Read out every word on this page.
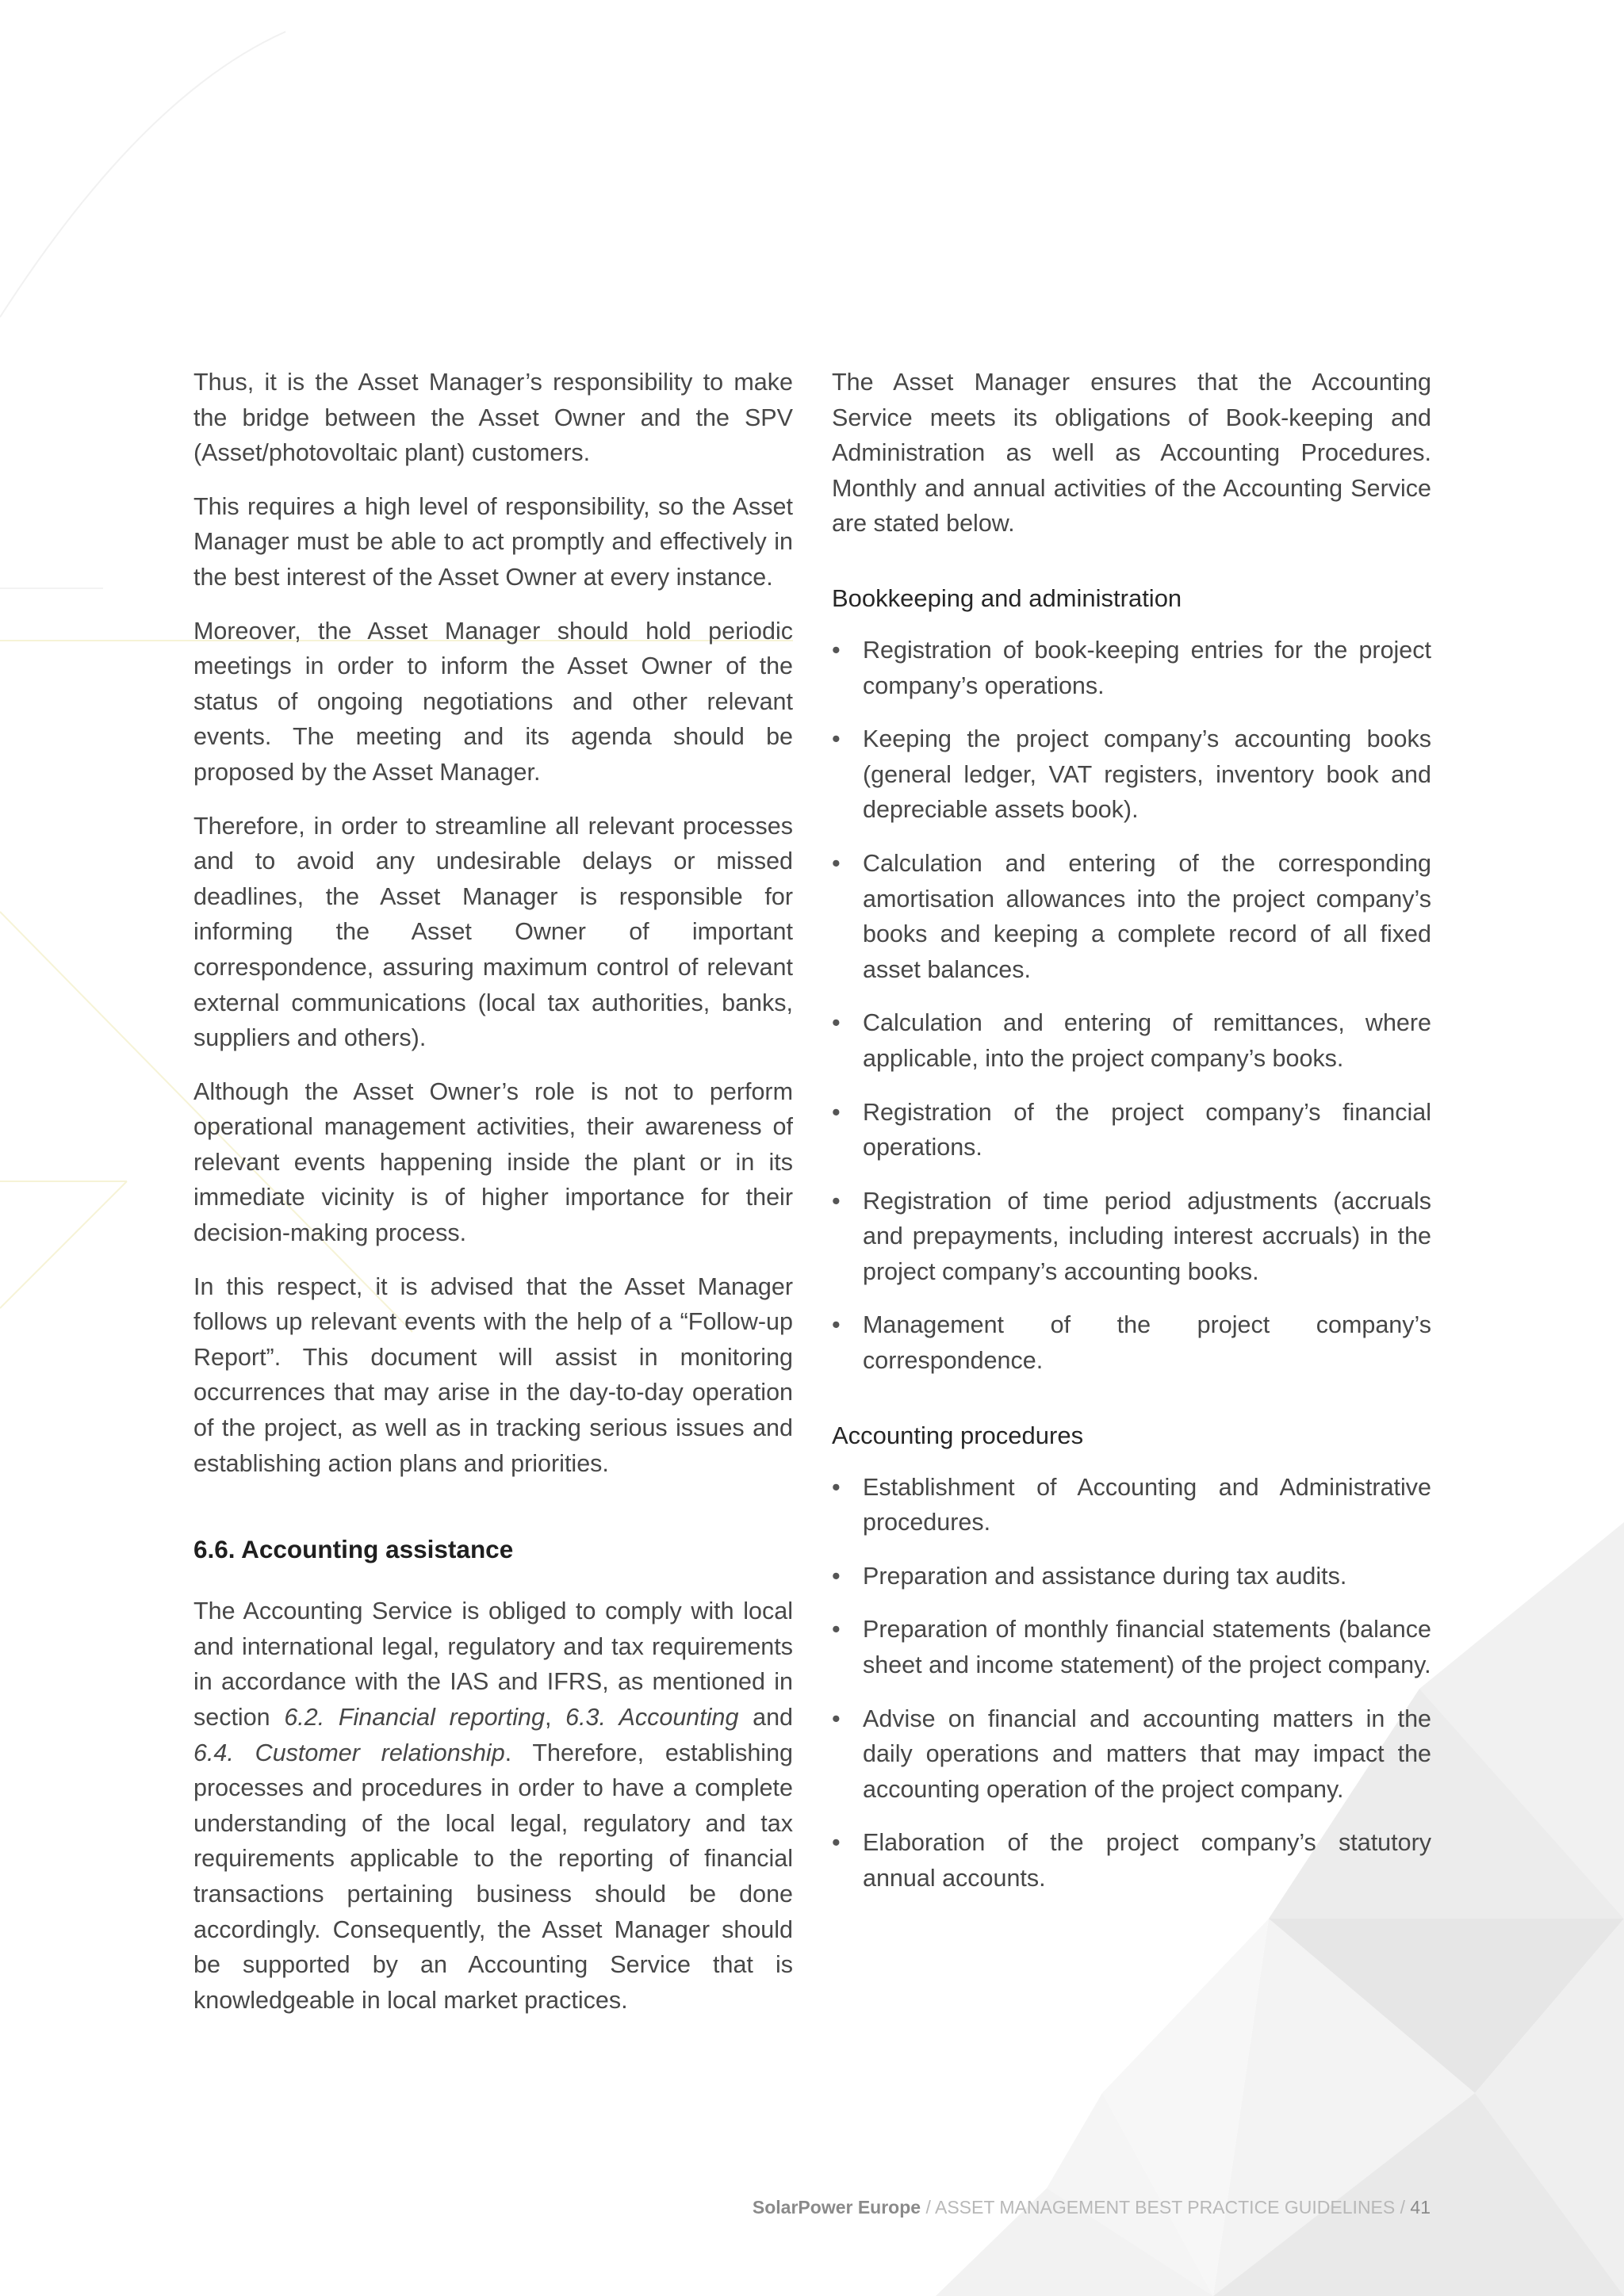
Thus, it is the Asset Manager’s responsibility to make the bridge between the Asset Owner and the SPV (Asset/photovoltaic plant) customers.

This requires a high level of responsibility, so the Asset Manager must be able to act promptly and effectively in the best interest of the Asset Owner at every instance.

Moreover, the Asset Manager should hold periodic meetings in order to inform the Asset Owner of the status of ongoing negotiations and other relevant events. The meeting and its agenda should be proposed by the Asset Manager.

Therefore, in order to streamline all relevant processes and to avoid any undesirable delays or missed deadlines, the Asset Manager is responsible for informing the Asset Owner of important correspondence, assuring maximum control of relevant external communications (local tax authorities, banks, suppliers and others).

Although the Asset Owner’s role is not to perform operational management activities, their awareness of relevant events happening inside the plant or in its immediate vicinity is of higher importance for their decision-making process.

In this respect, it is advised that the Asset Manager follows up relevant events with the help of a “Follow-up Report”. This document will assist in monitoring occurrences that may arise in the day-to-day operation of the project, as well as in tracking serious issues and establishing action plans and priorities.

6.6. Accounting assistance

The Accounting Service is obliged to comply with local and international legal, regulatory and tax requirements in accordance with the IAS and IFRS, as mentioned in section 6.2. Financial reporting, 6.3. Accounting and 6.4. Customer relationship. Therefore, establishing processes and procedures in order to have a complete understanding of the local legal, regulatory and tax requirements applicable to the reporting of financial transactions pertaining business should be done accordingly. Consequently, the Asset Manager should be supported by an Accounting Service that is knowledgeable in local market practices.

The Asset Manager ensures that the Accounting Service meets its obligations of Book-keeping and Administration as well as Accounting Procedures. Monthly and annual activities of the Accounting Service are stated below.

Bookkeeping and administration
• Registration of book-keeping entries for the project company’s operations.
• Keeping the project company’s accounting books (general ledger, VAT registers, inventory book and depreciable assets book).
• Calculation and entering of the corresponding amortisation allowances into the project company’s books and keeping a complete record of all fixed asset balances.
• Calculation and entering of remittances, where applicable, into the project company’s books.
• Registration of the project company’s financial operations.
• Registration of time period adjustments (accruals and prepayments, including interest accruals) in the project company’s accounting books.
• Management of the project company’s correspondence.
Accounting procedures
• Establishment of Accounting and Administrative procedures.
• Preparation and assistance during tax audits.
• Preparation of monthly financial statements (balance sheet and income statement) of the project company.
• Advise on financial and accounting matters in the daily operations and matters that may impact the accounting operation of the project company.
• Elaboration of the project company’s statutory annual accounts.
SolarPower Europe / ASSET MANAGEMENT BEST PRACTICE GUIDELINES / 41
